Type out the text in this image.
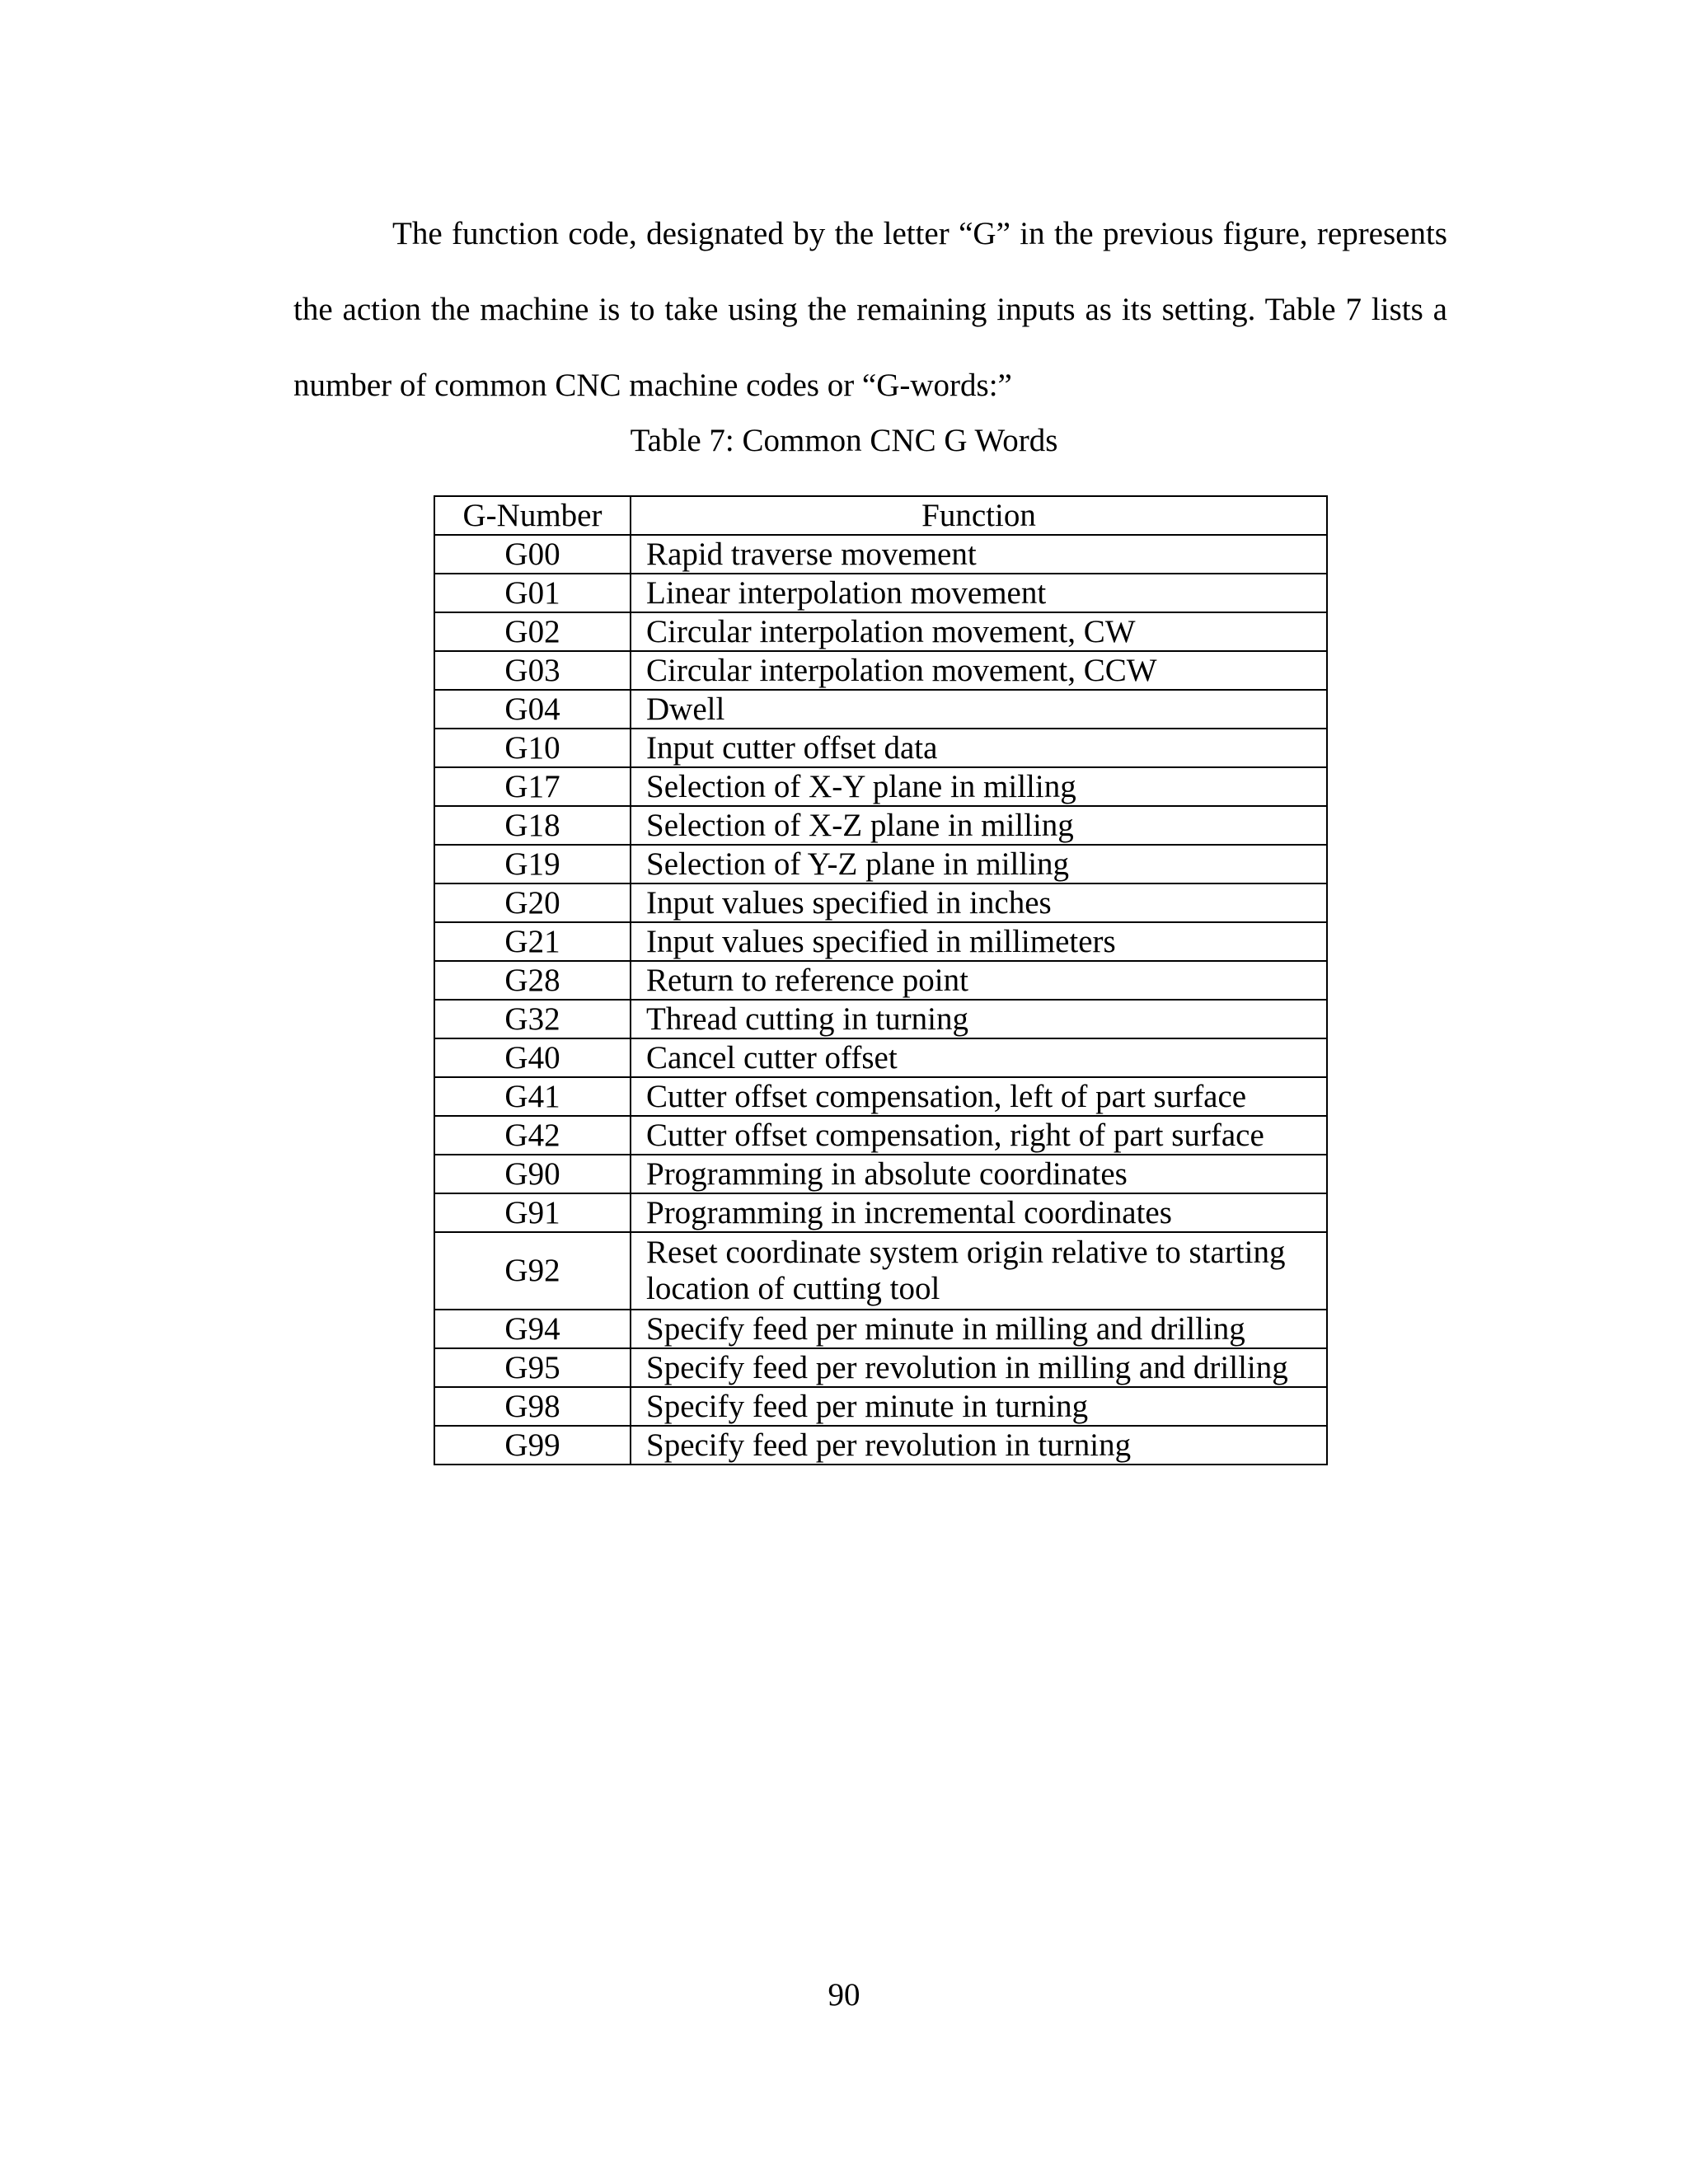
The function code, designated by the letter “G” in the previous figure, represents the action the machine is to take using the remaining inputs as its setting. Table 7 lists a number of common CNC machine codes or “G-words:”

Table 7: Common CNC G Words

G-Number	Function
G00	Rapid traverse movement
G01	Linear interpolation movement
G02	Circular interpolation movement, CW
G03	Circular interpolation movement, CCW
G04	Dwell
G10	Input cutter offset data
G17	Selection of X-Y plane in milling
G18	Selection of X-Z plane in milling
G19	Selection of Y-Z plane in milling
G20	Input values specified in inches
G21	Input values specified in millimeters
G28	Return to reference point
G32	Thread cutting in turning
G40	Cancel cutter offset
G41	Cutter offset compensation, left of part surface
G42	Cutter offset compensation, right of part surface
G90	Programming in absolute coordinates
G91	Programming in incremental coordinates
G92	Reset coordinate system origin relative to starting location of cutting tool
G94	Specify feed per minute in milling and drilling
G95	Specify feed per revolution in milling and drilling
G98	Specify feed per minute in turning
G99	Specify feed per revolution in turning

90
